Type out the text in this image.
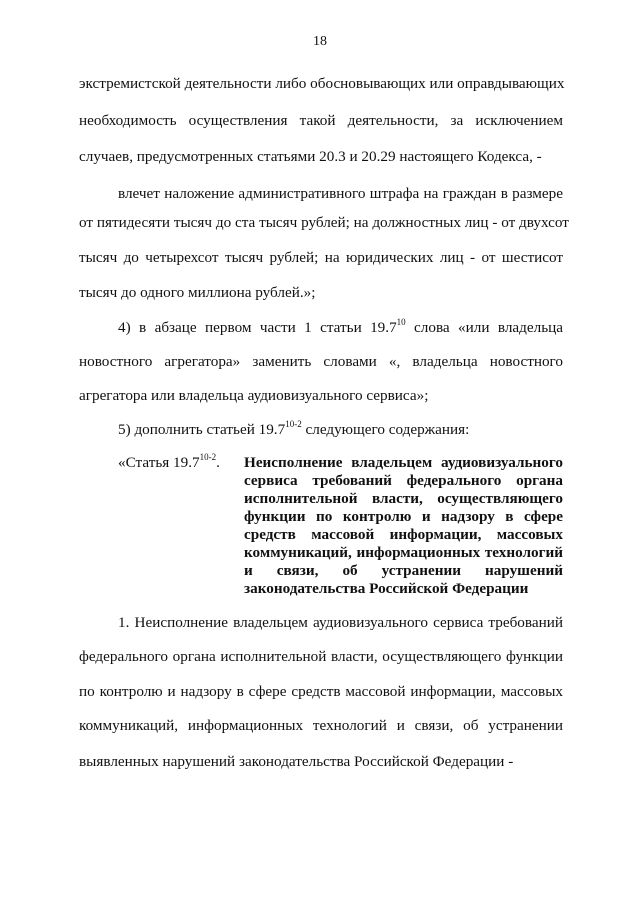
18
экстремистской деятельности либо обосновывающих или оправдывающих
необходимость осуществления такой деятельности, за исключением
случаев, предусмотренных статьями 20.3 и 20.29 настоящего Кодекса, -
влечет наложение административного штрафа на граждан в размере
от пятидесяти тысяч до ста тысяч рублей; на должностных лиц - от двухсот
тысяч до четырехсот тысяч рублей; на юридических лиц - от шестисот
тысяч до одного миллиона рублей.»;
4) в абзаце первом части 1 статьи 19.7$^{10}$ слова «или владельца
новостного агрегатора» заменить словами «, владельца новостного
агрегатора или владельца аудиовизуального сервиса»;
5) дополнить статьей 19.7$^{10-2}$ следующего содержания:
«Статья 19.7$^{10-2}$. Неисполнение владельцем аудиовизуального
сервиса требований федерального органа
исполнительной власти, осуществляющего
функции по контролю и надзору в сфере
средств массовой информации, массовых
коммуникаций, информационных технологий
и связи, об устранении нарушений
законодательства Российской Федерации
1. Неисполнение владельцем аудиовизуального сервиса требований
федерального органа исполнительной власти, осуществляющего функции
по контролю и надзору в сфере средств массовой информации, массовых
коммуникаций, информационных технологий и связи, об устранении
выявленных нарушений законодательства Российской Федерации -
